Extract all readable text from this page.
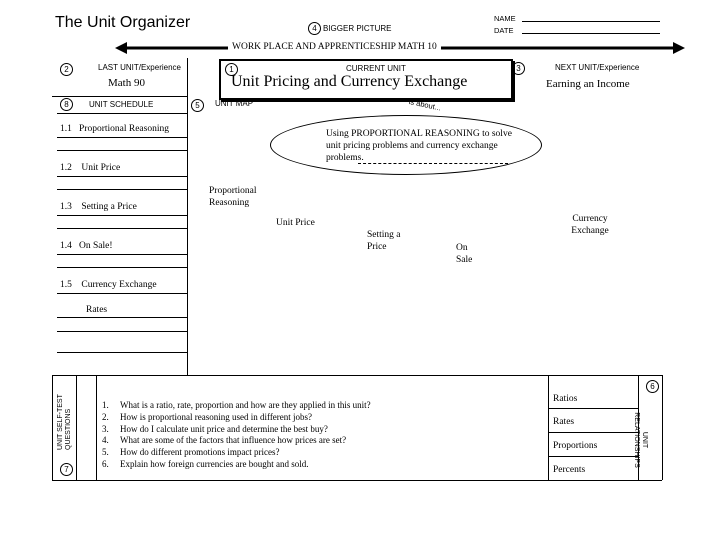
The Unit Organizer	4 BIGGER PICTURE
NAME
DATE
WORK PLACE AND APPRENTICESHIP MATH 10
2	LAST UNIT/Experience
Math 90
1	CURRENT UNIT
Unit Pricing and Currency Exchange
3	NEXT UNIT/Experience
Earning an Income
8	UNIT SCHEDULE
1.1   Proportional Reasoning
1.2    Unit Price
1.3    Setting a Price
1.4   On Sale!
1.5    Currency Exchange
Rates
5	UNIT MAP	is about...
Using PROPORTIONAL REASONING to solve unit pricing problems and currency exchange problems.
Proportional Reasoning
Unit Price
Setting a Price	On Sale
Currency Exchange
UNIT SELF-TEST QUESTIONS
7
1.	What is a ratio, rate, proportion and how are they applied in this unit?
2.	How is proportional reasoning used in different jobs?
3.	How do I calculate unit price and determine the best buy?
4.	What are some of the factors that influence how prices are set?
5.	How do different promotions impact prices?
6.	Explain how foreign currencies are bought and sold.
6
UNIT RELATIONSHIPS
Ratios
Rates
Proportions
Percents
